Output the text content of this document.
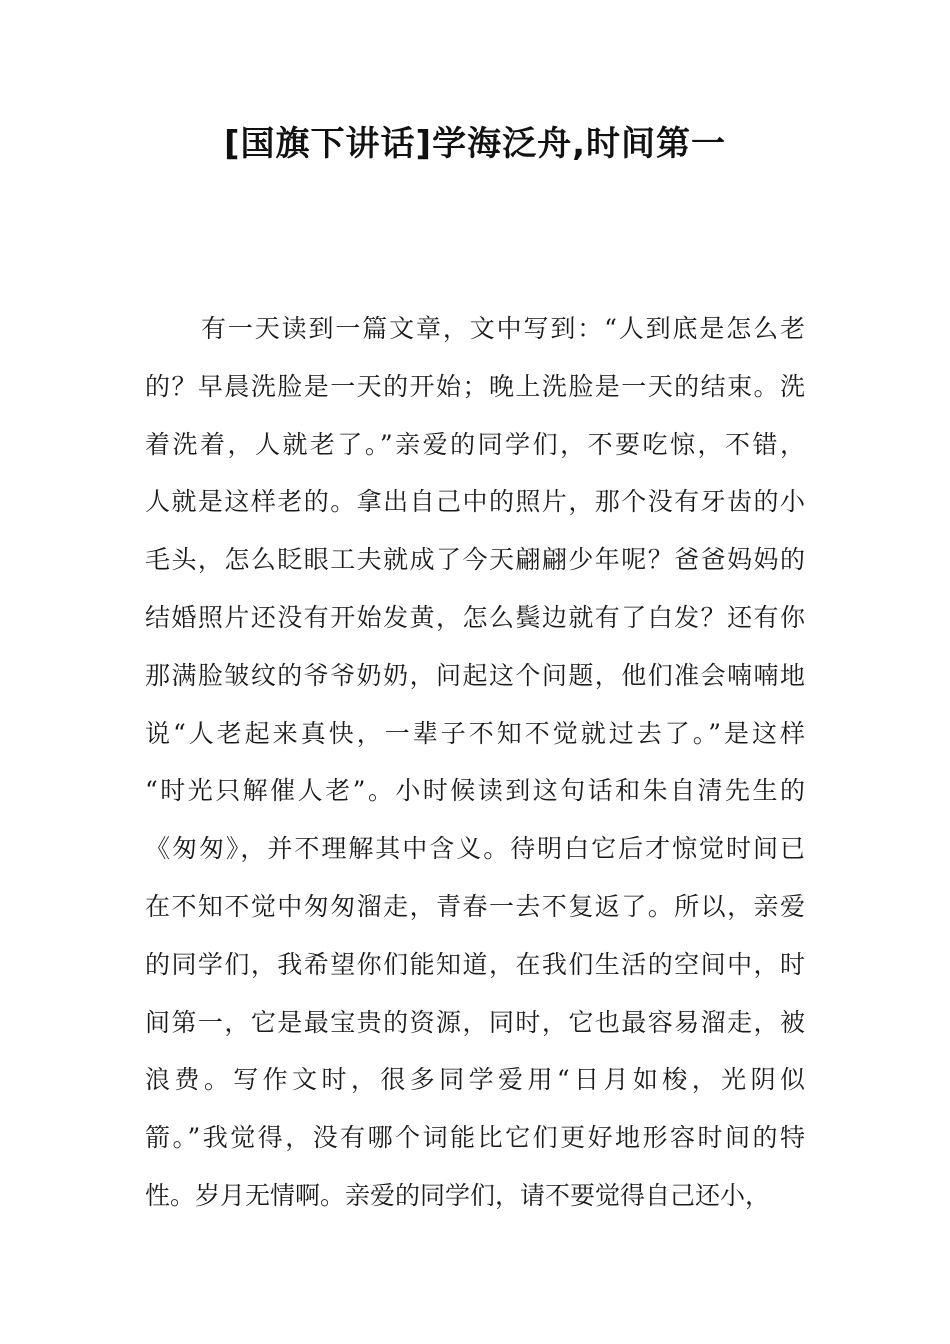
[国旗下讲话]学海泛舟,时间第一
有一天读到一篇文章，文中写到：“人到底是怎么老
的？早晨洗脸是一天的开始；晚上洗脸是一天的结束。洗
着洗着，人就老了。”亲爱的同学们，不要吃惊，不错，
人就是这样老的。拿出自己中的照片，那个没有牙齿的小
毛头，怎么眨眼工夫就成了今天翩翩少年呢？爸爸妈妈的
结婚照片还没有开始发黄，怎么鬓边就有了白发？还有你
那满脸皱纹的爷爷奶奶，问起这个问题，他们准会喃喃地
说“人老起来真快，一辈子不知不觉就过去了。”是这样
“时光只解催人老”。小时候读到这句话和朱自清先生的
《匆匆》，并不理解其中含义。待明白它后才惊觉时间已
在不知不觉中匆匆溜走，青春一去不复返了。所以，亲爱
的同学们，我希望你们能知道，在我们生活的空间中，时
间第一，它是最宝贵的资源，同时，它也最容易溜走，被
浪费。写作文时，很多同学爱用“日月如梭，光阴似
箭。”我觉得，没有哪个词能比它们更好地形容时间的特
性。岁月无情啊。亲爱的同学们，请不要觉得自己还小，
